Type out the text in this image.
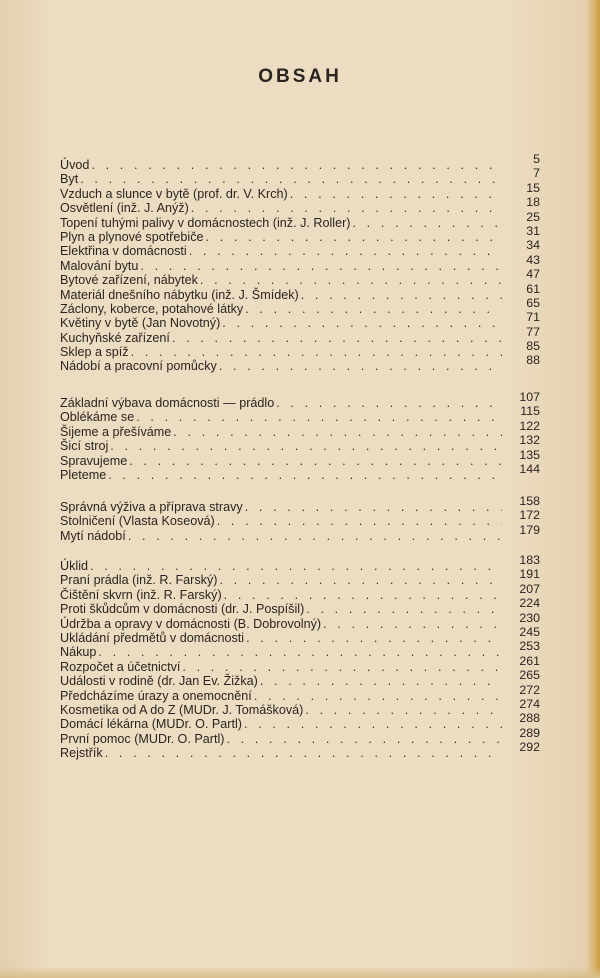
OBSAH
Úvod . . .	5
Byt . . .	7
Vzduch a slunce v bytě (prof. dr. V. Krch) . . .	15
Osvětlení (inž. J. Anýž) . . .	18
Topení tuhými palivy v domácnostech (inž. J. Roller) . . .	25
Plyn a plynové spotřebiče . . .	31
Elektřina v domácnosti . . .	34
Malování bytu . . .	43
Bytové zařízení, nábytek . . .	47
Materiál dnešního nábytku (inž. J. Šmídek) . . .	61
Záclony, koberce, potahové látky . . .	65
Květiny v bytě (Jan Novotný) . . .	71
Kuchyňské zařízení . . .	77
Sklep a spíž . . .	85
Nádobí a pracovní pomůcky . . .	88
Základní výbava domácnosti — prádlo . . .	107
Oblékáme se . . .	115
Šijeme a přešíváme . . .	122
Šicí stroj . . .	132
Spravujeme . . .	135
Pleteme . . .	144
Správná výživa a příprava stravy . . .	158
Stolničení (Vlasta Koseová) . . .	172
Mytí nádobí . . .	179
Úklid . . .	183
Praní prádla (inž. R. Farský) . . .	191
Čištění skvrn (inž. R. Farský) . . .	207
Proti škůdcům v domácnosti (dr. J. Pospíšil) . . .	224
Údržba a opravy v domácnosti (B. Dobrovolný) . . .	230
Ukládání předmětů v domácnosti . . .	245
Nákup . . .	253
Rozpočet a účetnictví . . .	261
Události v rodině (dr. Jan Ev. Žižka) . . .	265
Předcházíme úrazy a onemocnění . . .	272
Kosmetika od A do Z (MUDr. J. Tomášková) . . .	274
Domácí lékárna (MUDr. O. Partl) . . .	288
První pomoc (MUDr. O. Partl) . . .	289
Rejstřík . . .	292
